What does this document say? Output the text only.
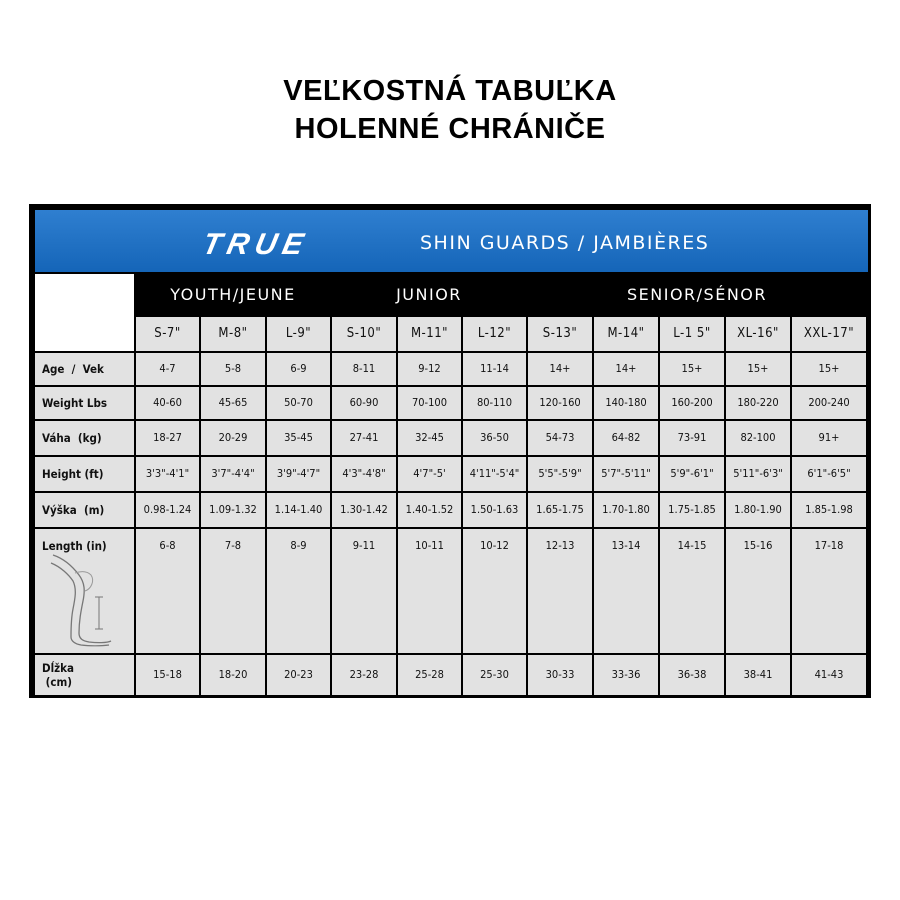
VEĽKOSTNÁ TABUĽKA
HOLENNÉ CHRÁNIČE
TRUE	SHIN GUARDS / JAMBIÈRES
YOUTH/JEUNE	JUNIOR	SENIOR/SÉNOR
S-7"	M-8"	L-9"	S-10"	M-11"	L-12"	S-13"	M-14"	L-1 5"	XL-16"	XXL-17"
Age  /  Vek	4-7	5-8	6-9	8-11	9-12	11-14	14+	14+	15+	15+	15+
Weight Lbs	40-60	45-65	50-70	60-90	70-100	80-110	120-160	140-180	160-200	180-220	200-240
Váha  (kg)	18-27	20-29	35-45	27-41	32-45	36-50	54-73	64-82	73-91	82-100	91+
Height (ft)	3'3"-4'1"	3'7"-4'4"	3'9"-4'7"	4'3"-4'8"	4'7"-5'	4'11"-5'4"	5'5"-5'9"	5'7"-5'11"	5'9"-6'1"	5'11"-6'3"	6'1"-6'5"
Výška  (m)	0.98-1.24	1.09-1.32	1.14-1.40	1.30-1.42	1.40-1.52	1.50-1.63	1.65-1.75	1.70-1.80	1.75-1.85	1.80-1.90	1.85-1.98
Length (in)	6-8	7-8	8-9	9-11	10-11	10-12	12-13	13-14	14-15	15-16	17-18
Dĺžka
(cm)
15-18	18-20	20-23	23-28	25-28	25-30	30-33	33-36	36-38	38-41	41-43
